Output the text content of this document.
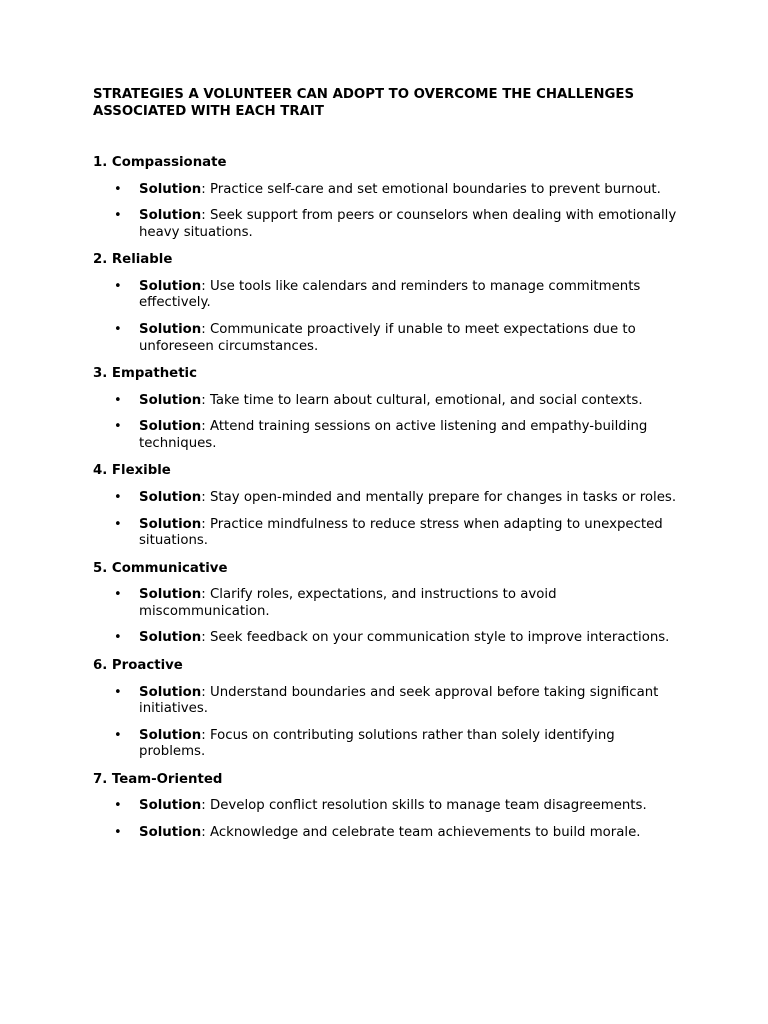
STRATEGIES A VOLUNTEER CAN ADOPT TO OVERCOME THE CHALLENGES ASSOCIATED WITH EACH TRAIT
1. Compassionate
• Solution: Practice self-care and set emotional boundaries to prevent burnout.
• Solution: Seek support from peers or counselors when dealing with emotionally heavy situations.
2. Reliable
• Solution: Use tools like calendars and reminders to manage commitments effectively.
• Solution: Communicate proactively if unable to meet expectations due to unforeseen circumstances.
3. Empathetic
• Solution: Take time to learn about cultural, emotional, and social contexts.
• Solution: Attend training sessions on active listening and empathy-building techniques.
4. Flexible
• Solution: Stay open-minded and mentally prepare for changes in tasks or roles.
• Solution: Practice mindfulness to reduce stress when adapting to unexpected situations.
5. Communicative
• Solution: Clarify roles, expectations, and instructions to avoid miscommunication.
• Solution: Seek feedback on your communication style to improve interactions.
6. Proactive
• Solution: Understand boundaries and seek approval before taking significant initiatives.
• Solution: Focus on contributing solutions rather than solely identifying problems.
7. Team-Oriented
• Solution: Develop conflict resolution skills to manage team disagreements.
• Solution: Acknowledge and celebrate team achievements to build morale.
